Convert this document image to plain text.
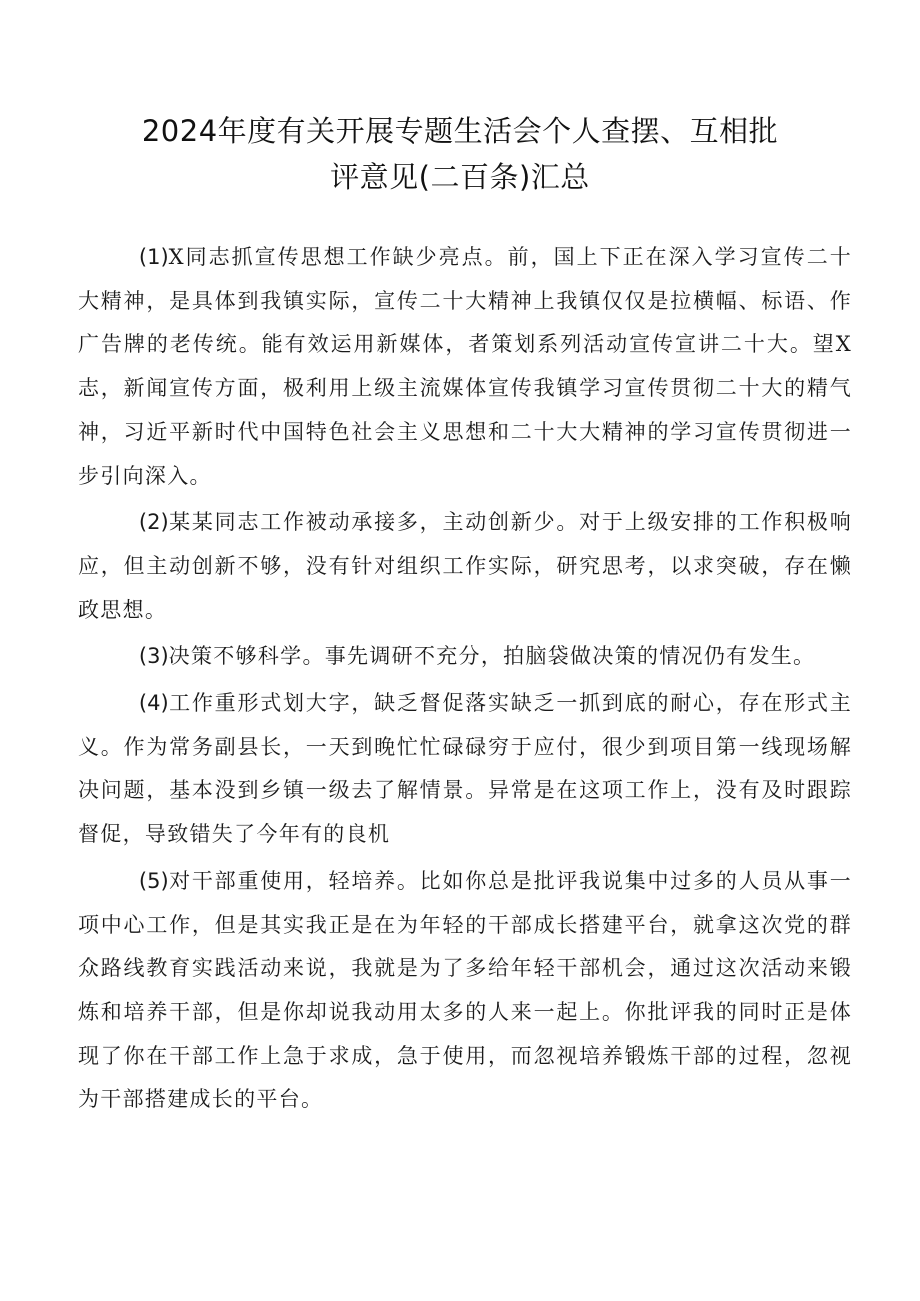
2024年度有关开展专题生活会个人查摆、互相批
评意见(二百条)汇总

(1)X同志抓宣传思想工作缺少亮点。前，国上下正在深入学习宣传二十大精神，是具体到我镇实际，宣传二十大精神上我镇仅仅是拉横幅、标语、作广告牌的老传统。能有效运用新媒体，者策划系列活动宣传宣讲二十大。望X志，新闻宣传方面，极利用上级主流媒体宣传我镇学习宣传贯彻二十大的精气神，习近平新时代中国特色社会主义思想和二十大大精神的学习宣传贯彻进一步引向深入。

(2)某某同志工作被动承接多，主动创新少。对于上级安排的工作积极响应，但主动创新不够，没有针对组织工作实际，研究思考，以求突破，存在懒政思想。

(3)决策不够科学。事先调研不充分，拍脑袋做决策的情况仍有发生。

(4)工作重形式划大字，缺乏督促落实缺乏一抓到底的耐心，存在形式主义。作为常务副县长，一天到晚忙忙碌碌穷于应付，很少到项目第一线现场解决问题，基本没到乡镇一级去了解情景。异常是在这项工作上，没有及时跟踪督促，导致错失了今年有的良机

(5)对干部重使用，轻培养。比如你总是批评我说集中过多的人员从事一项中心工作，但是其实我正是在为年轻的干部成长搭建平台，就拿这次党的群众路线教育实践活动来说，我就是为了多给年轻干部机会，通过这次活动来锻炼和培养干部，但是你却说我动用太多的人来一起上。你批评我的同时正是体现了你在干部工作上急于求成，急于使用，而忽视培养锻炼干部的过程，忽视为干部搭建成长的平台。
